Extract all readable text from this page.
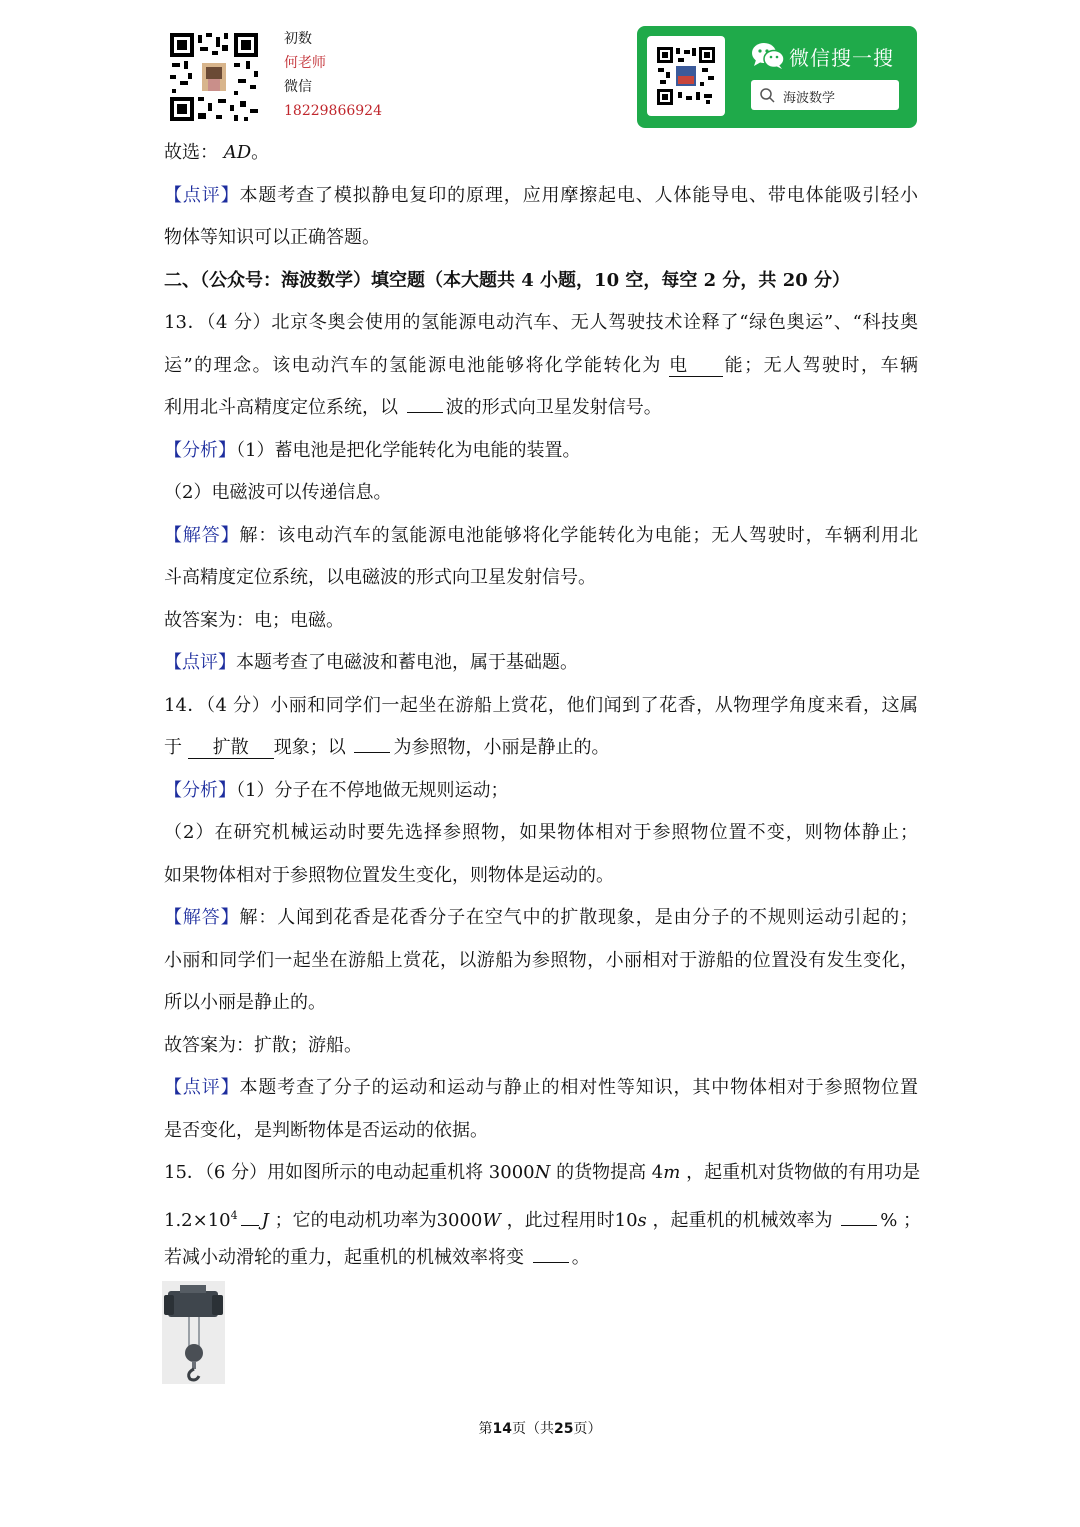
初数
何老师
微信
18229866924
微信搜一搜
海波数学
故选： AD。
【点评】本题考查了模拟静电复印的原理，应用摩擦起电、人体能导电、带电体能吸引轻小
物体等知识可以正确答题。
二、（公众号：海波数学）填空题（本大题共 4 小题，10 空，每空 2 分，共 20 分）
13．（4 分）北京冬奥会使用的氢能源电动汽车、无人驾驶技术诠释了“绿色奥运”、“科技奥
运”的理念。该电动汽车的氢能源电池能够将化学能转化为 电 能；无人驾驶时，车辆
利用北斗高精度定位系统，以 波的形式向卫星发射信号。
【分析】（1）蓄电池是把化学能转化为电能的装置。
（2）电磁波可以传递信息。
【解答】解：该电动汽车的氢能源电池能够将化学能转化为电能；无人驾驶时，车辆利用北
斗高精度定位系统，以电磁波的形式向卫星发射信号。
故答案为：电；电磁。
【点评】本题考查了电磁波和蓄电池，属于基础题。
14．（4 分）小丽和同学们一起坐在游船上赏花，他们闻到了花香，从物理学角度来看，这属
于 扩散 现象；以 为参照物，小丽是静止的。
【分析】（1）分子在不停地做无规则运动；
（2）在研究机械运动时要先选择参照物，如果物体相对于参照物位置不变，则物体静止；
如果物体相对于参照物位置发生变化，则物体是运动的。
【解答】解：人闻到花香是花香分子在空气中的扩散现象，是由分子的不规则运动引起的；
小丽和同学们一起坐在游船上赏花，以游船为参照物，小丽相对于游船的位置没有发生变化，
所以小丽是静止的。
故答案为：扩散；游船。
【点评】本题考查了分子的运动和运动与静止的相对性等知识，其中物体相对于参照物位置
是否变化，是判断物体是否运动的依据。
15．（6 分）用如图所示的电动起重机将 3000N 的货物提高 4m ，起重机对货物做的有用功是
$1.2\times 10^4$ J ；它的电动机功率为3000W ，此过程用时10s ，起重机的机械效率为 % ；
若减小动滑轮的重力，起重机的机械效率将变 。
第14页（共25页）
